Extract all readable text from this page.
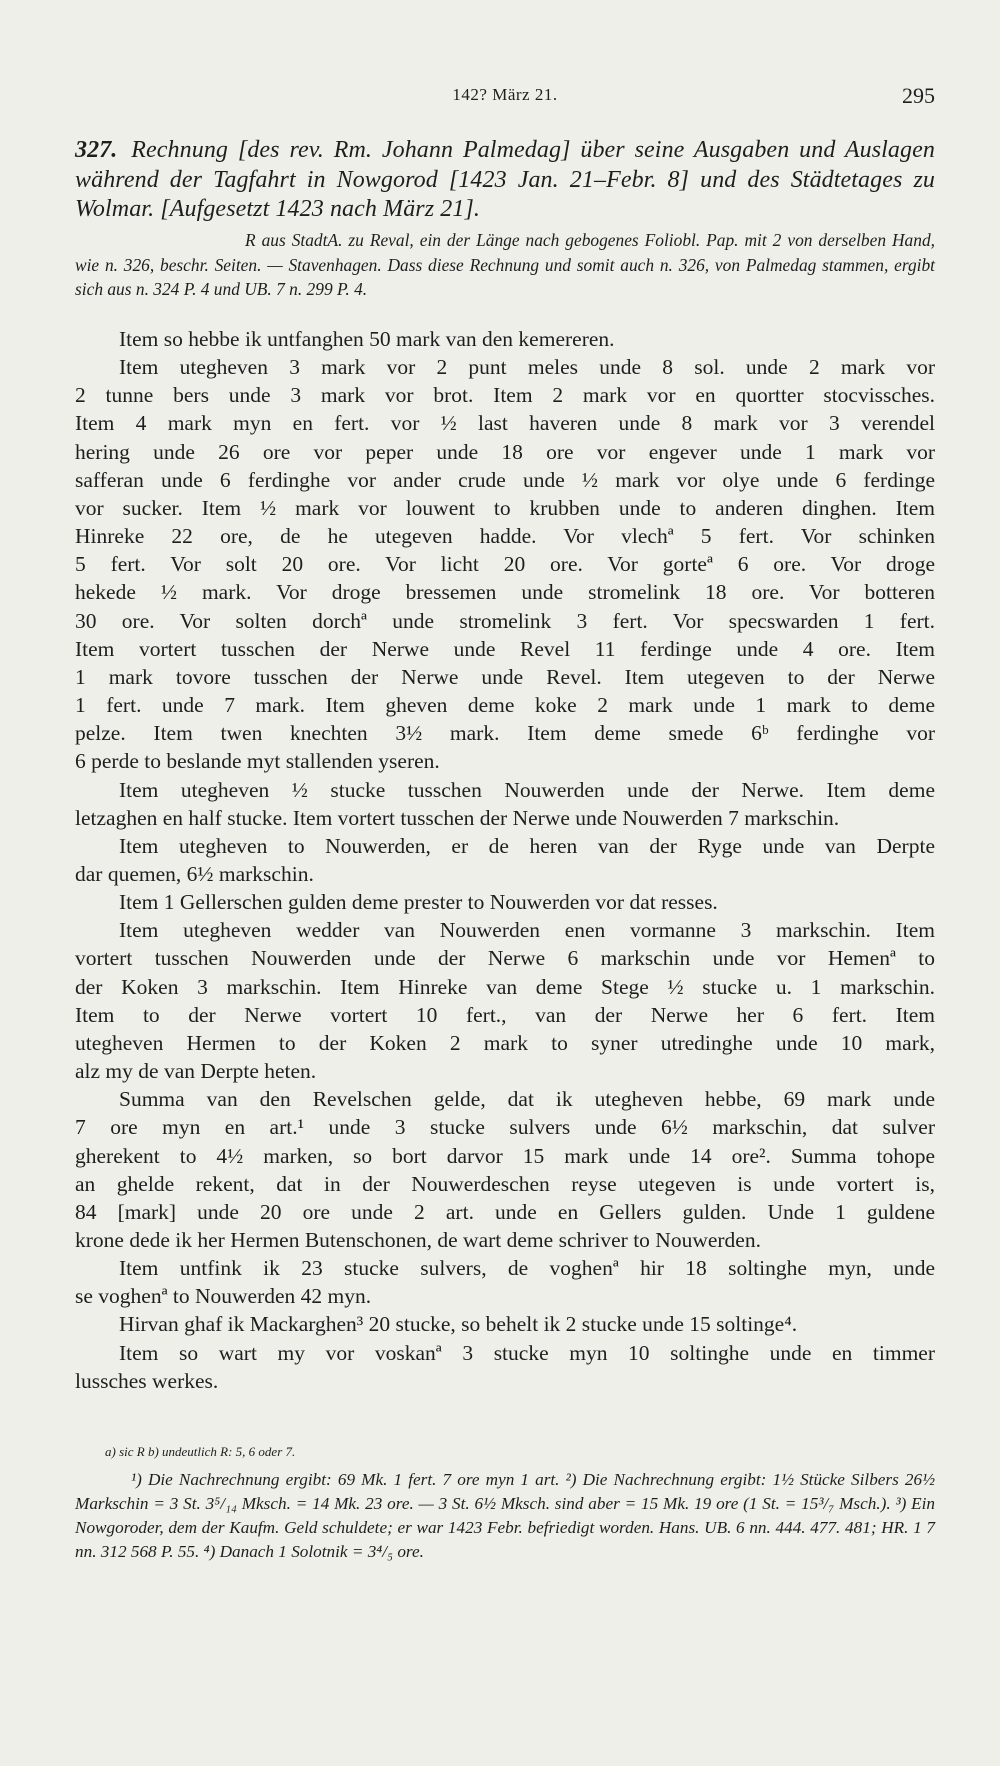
142? März 21.	295
327. Rechnung [des rev. Rm. Johann Palmedag] über seine Ausgaben und Auslagen während der Tagfahrt in Nowgorod [1423 Jan. 21–Febr. 8] und des Städtetages zu Wolmar. [Aufgesetzt 1423 nach März 21].
R aus StadtA. zu Reval, ein der Länge nach gebogenes Foliobl. Pap. mit 2 von derselben Hand, wie n. 326, beschr. Seiten. — Stavenhagen. Dass diese Rechnung und somit auch n. 326, von Palmedag stammen, ergibt sich aus n. 324 P. 4 und UB. 7 n. 299 P. 4.

Item so hebbe ik untfanghen 50 mark van den kemereren.

Item utegheven 3 mark vor 2 punt meles unde 8 sol. unde 2 mark vor
2 tunne bers unde 3 mark vor brot. Item 2 mark vor en quortter stocvissches.
Item 4 mark myn en fert. vor ½ last haveren unde 8 mark vor 3 verendel
hering unde 26 ore vor peper unde 18 ore vor engever unde 1 mark vor
safferan unde 6 ferdinghe vor ander crude unde ½ mark vor olye unde 6 ferdinge
vor sucker. Item ½ mark vor louwent to krubben unde to anderen dinghen. Item
Hinreke 22 ore, de he utegeven hadde. Vor vlechª 5 fert. Vor schinken
5 fert. Vor solt 20 ore. Vor licht 20 ore. Vor gorteª 6 ore. Vor droge
hekede ½ mark. Vor droge bressemen unde stromelink 18 ore. Vor botteren
30 ore. Vor solten dorchª unde stromelink 3 fert. Vor specswarden 1 fert.
Item vortert tusschen der Nerwe unde Revel 11 ferdinge unde 4 ore. Item
1 mark tovore tusschen der Nerwe unde Revel. Item utegeven to der Nerwe
1 fert. unde 7 mark. Item gheven deme koke 2 mark unde 1 mark to deme
pelze. Item twen knechten 3½ mark. Item deme smede 6ᵇ ferdinghe vor
6 perde to beslande myt stallenden yseren.

Item utegheven ½ stucke tusschen Nouwerden unde der Nerwe. Item deme
letzaghen en half stucke. Item vortert tusschen der Nerwe unde Nouwerden 7 markschin.

Item utegheven to Nouwerden, er de heren van der Ryge unde van Derpte
dar quemen, 6½ markschin.

Item 1 Gellerschen gulden deme prester to Nouwerden vor dat resses.

Item utegheven wedder van Nouwerden enen vormanne 3 markschin. Item
vortert tusschen Nouwerden unde der Nerwe 6 markschin unde vor Hemenª to
der Koken 3 markschin. Item Hinreke van deme Stege ½ stucke u. 1 markschin.
Item to der Nerwe vortert 10 fert., van der Nerwe her 6 fert. Item
utegheven Hermen to der Koken 2 mark to syner utredinghe unde 10 mark,
alz my de van Derpte heten.

Summa van den Revelschen gelde, dat ik utegheven hebbe, 69 mark unde
7 ore myn en art.¹ unde 3 stucke sulvers unde 6½ markschin, dat sulver
gherekent to 4½ marken, so bort darvor 15 mark unde 14 ore². Summa tohope
an ghelde rekent, dat in der Nouwerdeschen reyse utegeven is unde vortert is,
84 [mark] unde 20 ore unde 2 art. unde en Gellers gulden. Unde 1 guldene
krone dede ik her Hermen Butenschonen, de wart deme schriver to Nouwerden.

Item untfink ik 23 stucke sulvers, de voghenª hir 18 soltinghe myn, unde
se voghenª to Nouwerden 42 myn.

Hirvan ghaf ik Mackarghen³ 20 stucke, so behelt ik 2 stucke unde 15 soltinge⁴.

Item so wart my vor voskanª 3 stucke myn 10 soltinghe unde en timmer
lussches werkes.

a) sic R b) undeutlich R: 5, 6 oder 7.

¹) Die Nachrechnung ergibt: 69 Mk. 1 fert. 7 ore myn 1 art. ²) Die Nachrechnung ergibt: 1½ Stücke Silbers 26½ Markschin = 3 St. 3⁵/₁₄ Mksch. = 14 Mk. 23 ore. — 3 St. 6½ Mksch. sind aber = 15 Mk. 19 ore (1 St. = 15³/₇ Msch.). ³) Ein Nowgoroder, dem der Kaufm. Geld schuldete; er war 1423 Febr. befriedigt worden. Hans. UB. 6 nn. 444. 477. 481; HR. 1 7 nn. 312 568 P. 55. ⁴) Danach 1 Solotnik = 3⁴/₅ ore.
